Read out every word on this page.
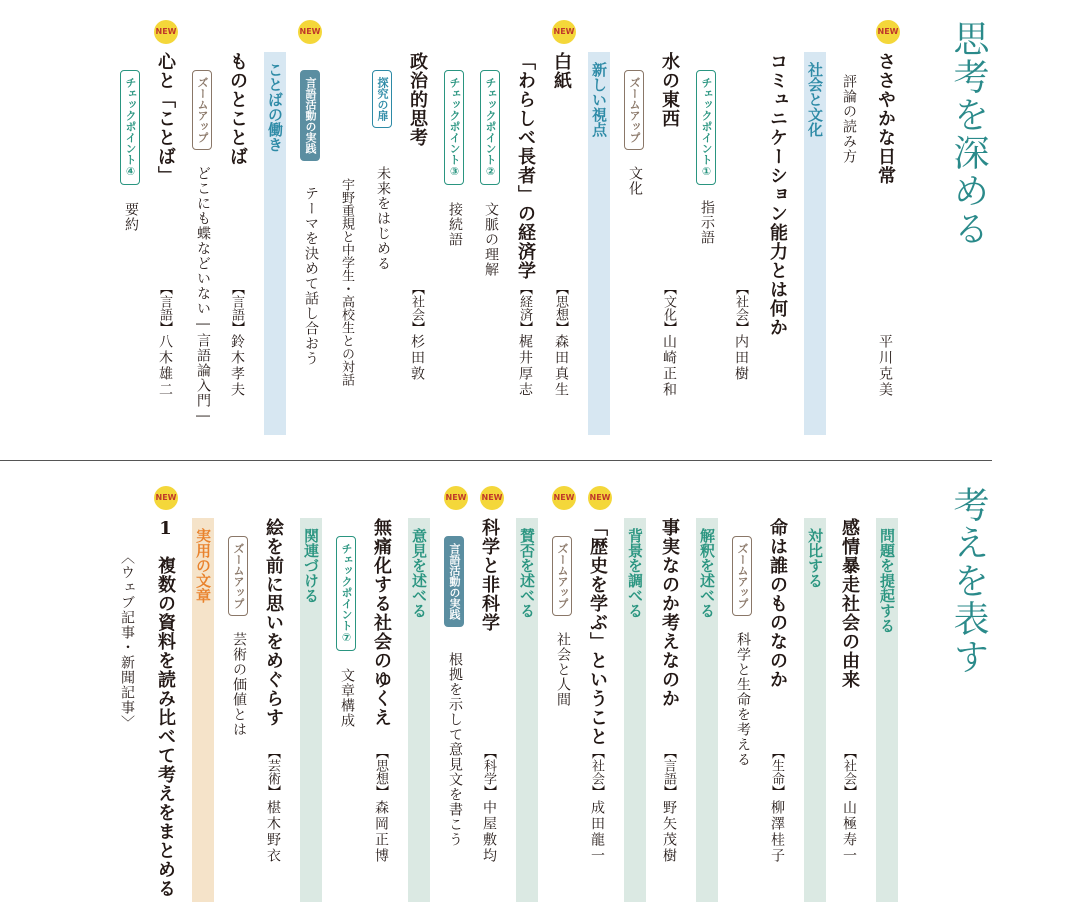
思考を深める
NEW
ささやかな日常
評論の読み方
平川克美
社会と文化
コミュニケーション能力とは何か
【社会】
内田樹
チェックポイント①
指示語
水の東西
【文化】
山崎正和
ズームアップ
文化
新しい視点
NEW
白紙
【思想】
森田真生
「わらしべ長者」の経済学
【経済】
梶井厚志
チェックポイント②
文脈の理解
チェックポイント③
接続語
政治的思考
【社会】
杉田敦
探究の扉
未来をはじめる
宇野重規と中学生・高校生との対話
NEW
言語活動の実践
テーマを決めて話し合おう
ことばの働き
ものとことば
【言語】
鈴木孝夫
ズームアップ
どこにも蝶などいない―言語論入門―
NEW
心と「ことば」
【言語】
八木雄二
チェックポイント④
要約
考えを表す
問題を提起する
感情暴走社会の由来
【社会】
山極寿一
対比する
命は誰のものなのか
【生命】
柳澤桂子
ズームアップ
科学と生命を考える
解釈を述べる
背景を調べる 事実なのか考えなのか
【言語】
野矢茂樹
NEW
NEW
「歴史を学ぶ」ということ
【社会】
成田龍一
ズームアップ
社会と人間
賛否を述べる
NEW
科学と非科学
【科学】
中屋敷均
NEW
言語活動の実践
根拠を示して意見文を書こう
意見を述べる
無痛化する社会のゆくえ
【思想】
森岡正博
チェックポイント⑦
文章構成
関連づける
絵を前に思いをめぐらす
【芸術】
椹木野衣
ズームアップ
芸術の価値とは
実用の文章
NEW
1
複数の資料を読み比べて考えをまとめる
〈ウェブ記事・新聞記事〉
